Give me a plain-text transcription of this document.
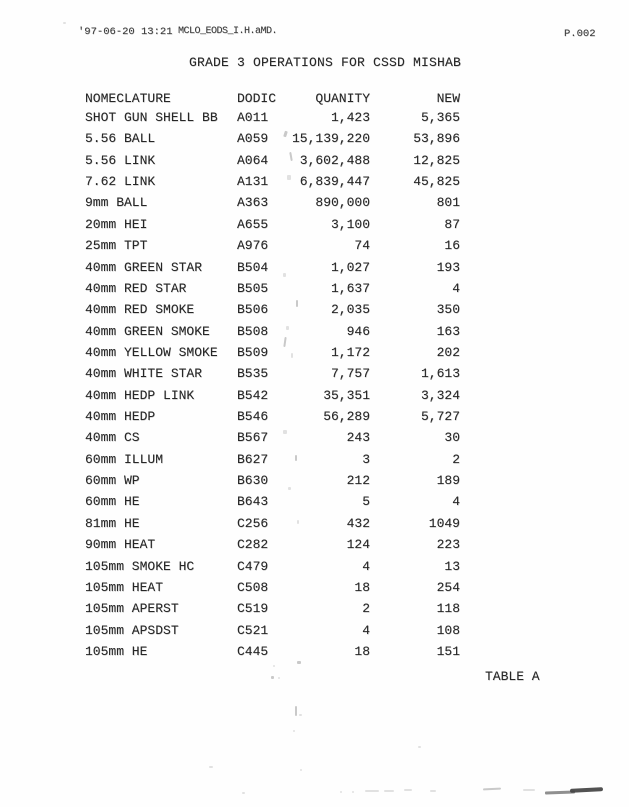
'97-06-20 13:21 MCLO_EODS_I.H.aMD.	P.002
GRADE 3 OPERATIONS FOR CSSD MISHAB
NOMECLATURE	DODIC	QUANITY	NEW
SHOT GUN SHELL BB A011	1,423	5,365
5.56 BALL	A059	15,139,220	53,896
5.56 LINK	A064	3,602,488	12,825
7.62 LINK	A131	6,839,447	45,825
9mm BALL	A363	890,000	801
20mm HEI	A655	3,100	87
25mm TPT	A976	74	16
40mm GREEN STAR	B504	1,027	193
40mm RED STAR	B505	1,637	4
40mm RED SMOKE	B506	2,035	350
40mm GREEN SMOKE B508	946	163
40mm YELLOW SMOKE B509	1,172	202
40mm WHITE STAR	B535	7,757	1,613
40mm HEDP LINK	B542	35,351	3,324
40mm HEDP	B546	56,289	5,727
40mm CS	B567	243	30
60mm ILLUM	B627	3	2
60mm WP	B630	212	189
60mm HE	B643	5	4
81mm HE	C256	432	1049
90mm HEAT	C282	124	223
105mm SMOKE HC	C479	4	13
105mm HEAT	C508	18	254
105mm APERST	C519	2	118
105mm APSDST	C521	4	108
105mm HE	C445	18	151
TABLE A
